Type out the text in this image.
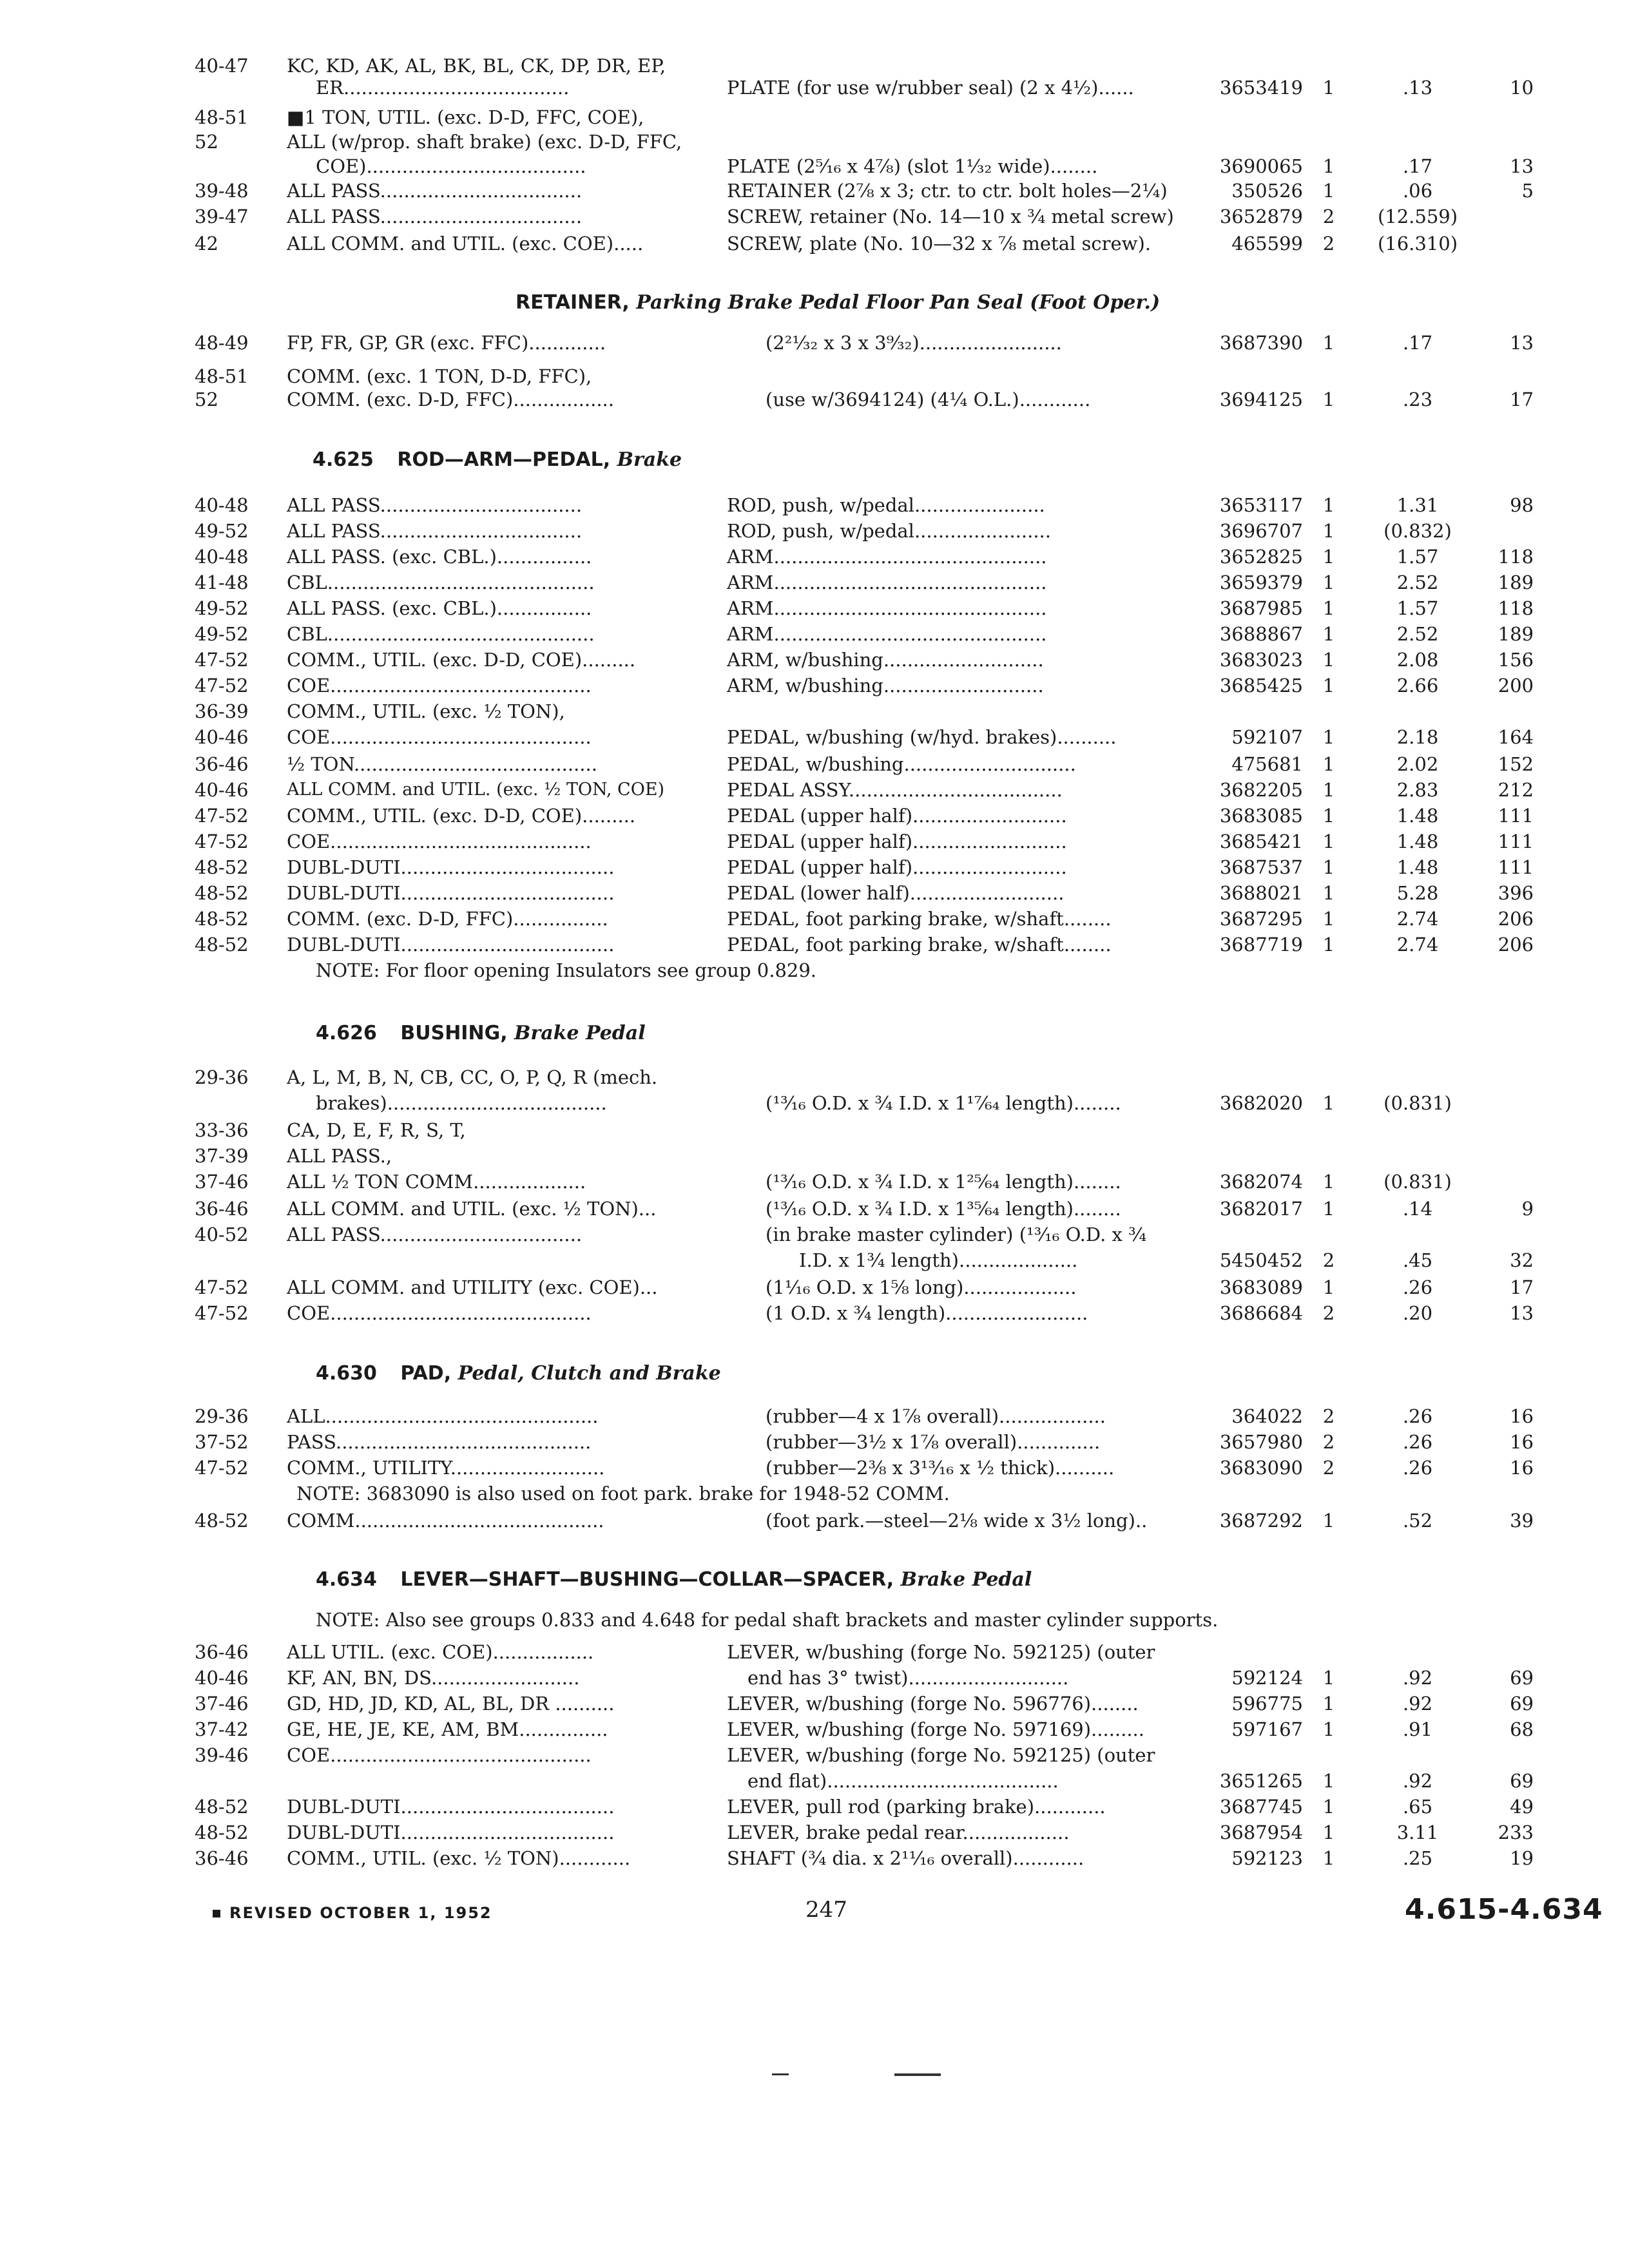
40-47	KC, KD, AK, AL, BK, BL, CK, DP, DR, EP,
ER......................................	PLATE (for use w/rubber seal) (2 x 4½)......	3653419	1	.13	10
48-51	■1 TON, UTIL. (exc. D-D, FFC, COE),
52	ALL (w/prop. shaft brake) (exc. D-D, FFC,
COE).....................................	PLATE (2⁵⁄₁₆ x 4⁷⁄₈) (slot 1¹⁄₃₂ wide)........	3690065	1	.17	13
39-48	ALL PASS..................................	RETAINER (2⅞ x 3; ctr. to ctr. bolt holes—2¼)	350526	1	.06	5
39-47	ALL PASS..................................	SCREW, retainer (No. 14—10 x ¾ metal screw)	3652879	2	(12.559)
42	ALL COMM. and UTIL. (exc. COE).....	SCREW, plate (No. 10—32 x ⅞ metal screw).	465599	2	(16.310)
RETAINER, Parking Brake Pedal Floor Pan Seal (Foot Oper.)
48-49	FP, FR, GP, GR (exc. FFC).............	(2²¹⁄₃₂ x 3 x 3⁹⁄₃₂)........................	3687390	1	.17	13
48-51	COMM. (exc. 1 TON, D-D, FFC),
52	COMM. (exc. D-D, FFC).................	(use w/3694124) (4¼ O.L.)............	3694125	1	.23	17
4.625 ROD—ARM—PEDAL, Brake
40-48	ALL PASS..................................	ROD, push, w/pedal......................	3653117	1	1.31	98
49-52	ALL PASS..................................	ROD, push, w/pedal.......................	3696707	1	(0.832)
40-48	ALL PASS. (exc. CBL.)................	ARM..............................................	3652825	1	1.57	118
41-48	CBL.............................................	ARM..............................................	3659379	1	2.52	189
49-52	ALL PASS. (exc. CBL.)................	ARM..............................................	3687985	1	1.57	118
49-52	CBL.............................................	ARM..............................................	3688867	1	2.52	189
47-52	COMM., UTIL. (exc. D-D, COE).........	ARM, w/bushing...........................	3683023	1	2.08	156
47-52	COE............................................	ARM, w/bushing...........................	3685425	1	2.66	200
36-39	COMM., UTIL. (exc. ½ TON),
40-46	COE............................................	PEDAL, w/bushing (w/hyd. brakes)..........	592107	1	2.18	164
36-46	½ TON.........................................	PEDAL, w/bushing.............................	475681	1	2.02	152
40-46	ALL COMM. and UTIL. (exc. ½ TON, COE)	PEDAL ASSY....................................	3682205	1	2.83	212
47-52	COMM., UTIL. (exc. D-D, COE).........	PEDAL (upper half)..........................	3683085	1	1.48	111
47-52	COE............................................	PEDAL (upper half)..........................	3685421	1	1.48	111
48-52	DUBL-DUTI....................................	PEDAL (upper half)..........................	3687537	1	1.48	111
48-52	DUBL-DUTI....................................	PEDAL (lower half)..........................	3688021	1	5.28	396
48-52	COMM. (exc. D-D, FFC)................	PEDAL, foot parking brake, w/shaft........	3687295	1	2.74	206
48-52	DUBL-DUTI....................................	PEDAL, foot parking brake, w/shaft........	3687719	1	2.74	206
NOTE: For floor opening Insulators see group 0.829.
4.626 BUSHING, Brake Pedal
29-36	A, L, M, B, N, CB, CC, O, P, Q, R (mech.
brakes).....................................	(¹³⁄₁₆ O.D. x ¾ I.D. x 1¹⁷⁄₆₄ length)........	3682020	1	(0.831)
33-36	CA, D, E, F, R, S, T,
37-39	ALL PASS.,
37-46	ALL ½ TON COMM...................	(¹³⁄₁₆ O.D. x ¾ I.D. x 1²⁵⁄₆₄ length)........	3682074	1	(0.831)
36-46	ALL COMM. and UTIL. (exc. ½ TON)...	(¹³⁄₁₆ O.D. x ¾ I.D. x 1³⁵⁄₆₄ length)........	3682017	1	.14	9
40-52	ALL PASS..................................	(in brake master cylinder) (¹³⁄₁₆ O.D. x ¾
I.D. x 1¾ length)....................	5450452	2	.45	32
47-52	ALL COMM. and UTILITY (exc. COE)...	(1¹⁄₁₆ O.D. x 1⅝ long)...................	3683089	1	.26	17
47-52	COE............................................	(1 O.D. x ¾ length)........................	3686684	2	.20	13
4.630 PAD, Pedal, Clutch and Brake
29-36	ALL..............................................	(rubber—4 x 1⅞ overall)..................	364022	2	.26	16
37-52	PASS...........................................	(rubber—3½ x 1⅞ overall)..............	3657980	2	.26	16
47-52	COMM., UTILITY..........................	(rubber—2⅜ x 3¹³⁄₁₆ x ½ thick)..........	3683090	2	.26	16
NOTE: 3683090 is also used on foot park. brake for 1948-52 COMM.
48-52	COMM..........................................	(foot park.—steel—2⅛ wide x 3½ long)..	3687292	1	.52	39
4.634 LEVER—SHAFT—BUSHING—COLLAR—SPACER, Brake Pedal
NOTE: Also see groups 0.833 and 4.648 for pedal shaft brackets and master cylinder supports.
36-46	ALL UTIL. (exc. COE).................	LEVER, w/bushing (forge No. 592125) (outer
40-46	KF, AN, BN, DS.........................	end has 3° twist)...........................	592124	1	.92	69
37-46	GD, HD, JD, KD, AL, BL, DR ..........	LEVER, w/bushing (forge No. 596776)........	596775	1	.92	69
37-42	GE, HE, JE, KE, AM, BM...............	LEVER, w/bushing (forge No. 597169).........	597167	1	.91	68
39-46	COE............................................	LEVER, w/bushing (forge No. 592125) (outer
end flat).......................................	3651265	1	.92	69
48-52	DUBL-DUTI....................................	LEVER, pull rod (parking brake)............	3687745	1	.65	49
48-52	DUBL-DUTI....................................	LEVER, brake pedal rear..................	3687954	1	3.11	233
36-46	COMM., UTIL. (exc. ½ TON)............	SHAFT (¾ dia. x 2¹¹⁄₁₆ overall)............	592123	1	.25	19
REVISED OCTOBER 1, 1952	247	4.615-4.634
